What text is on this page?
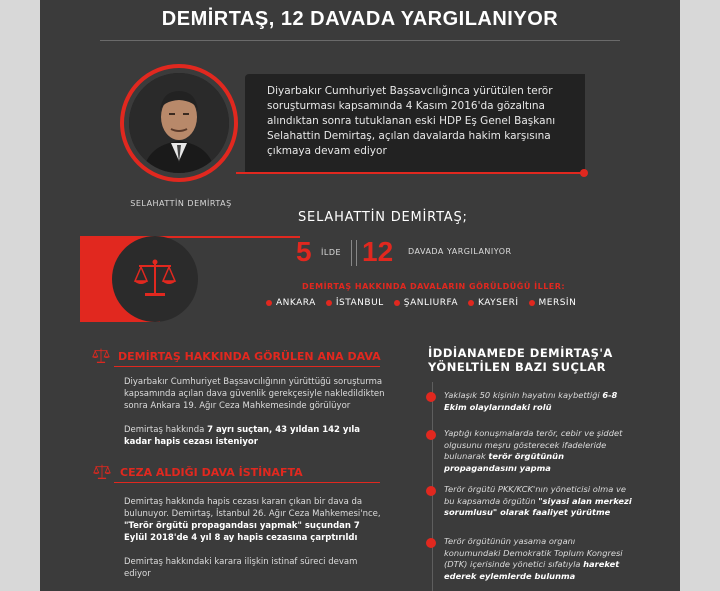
DEMİRTAŞ, 12 DAVADA YARGILANIYOR
Diyarbakır Cumhuriyet Başsavcılığınca yürütülen terör soruşturması kapsamında 4 Kasım 2016'da gözaltına alındıktan sonra tutuklanan eski HDP Eş Genel Başkanı Selahattin Demirtaş, açılan davalarda hakim karşısına çıkmaya devam ediyor
SELAHATTİN DEMİRTAŞ
SELAHATTİN DEMİRTAŞ;
5 İLDE 12 DAVADA YARGILANIYOR
DEMİRTAŞ HAKKINDA DAVALARIN GÖRÜLDÜĞÜ İLLER:
ANKARA	İSTANBUL	ŞANLIURFA	KAYSERİ	MERSİN
DEMİRTAŞ HAKKINDA GÖRÜLEN ANA DAVA
Diyarbakır Cumhuriyet Başsavcılığının yürüttüğü soruşturma kapsamında açılan dava güvenlik gerekçesiyle nakledildikten sonra Ankara 19. Ağır Ceza Mahkemesinde görülüyor
Demirtaş hakkında 7 ayrı suçtan, 43 yıldan 142 yıla kadar hapis cezası isteniyor
CEZA ALDIĞI DAVA İSTİNAFTA
Demirtaş hakkında hapis cezası kararı çıkan bir dava da bulunuyor. Demirtaş, İstanbul 26. Ağır Ceza Mahkemesi'nce, "Terör örgütü propagandası yapmak" suçundan 7 Eylül 2018'de 4 yıl 8 ay hapis cezasına çarptırıldı
Demirtaş hakkındaki karara ilişkin istinaf süreci devam ediyor
İDDİANAMEDE DEMİRTAŞ'A
YÖNELTİLEN BAZI SUÇLAR
Yaklaşık 50 kişinin hayatını kaybettiği 6-8 Ekim olaylarındaki rolü
Yaptığı konuşmalarda terör, cebir ve şiddet olgusunu meşru gösterecek ifadeleride bulunarak terör örgütünün propagandasını yapma
Terör örgütü PKK/KCK'nın yöneticisi olma ve bu kapsamda örgütün "siyasi alan merkezi sorumlusu" olarak faaliyet yürütme
Terör örgütünün yasama organı konumundaki Demokratik Toplum Kongresi (DTK) içerisinde yönetici sıfatıyla hareket ederek eylemlerde bulunma
